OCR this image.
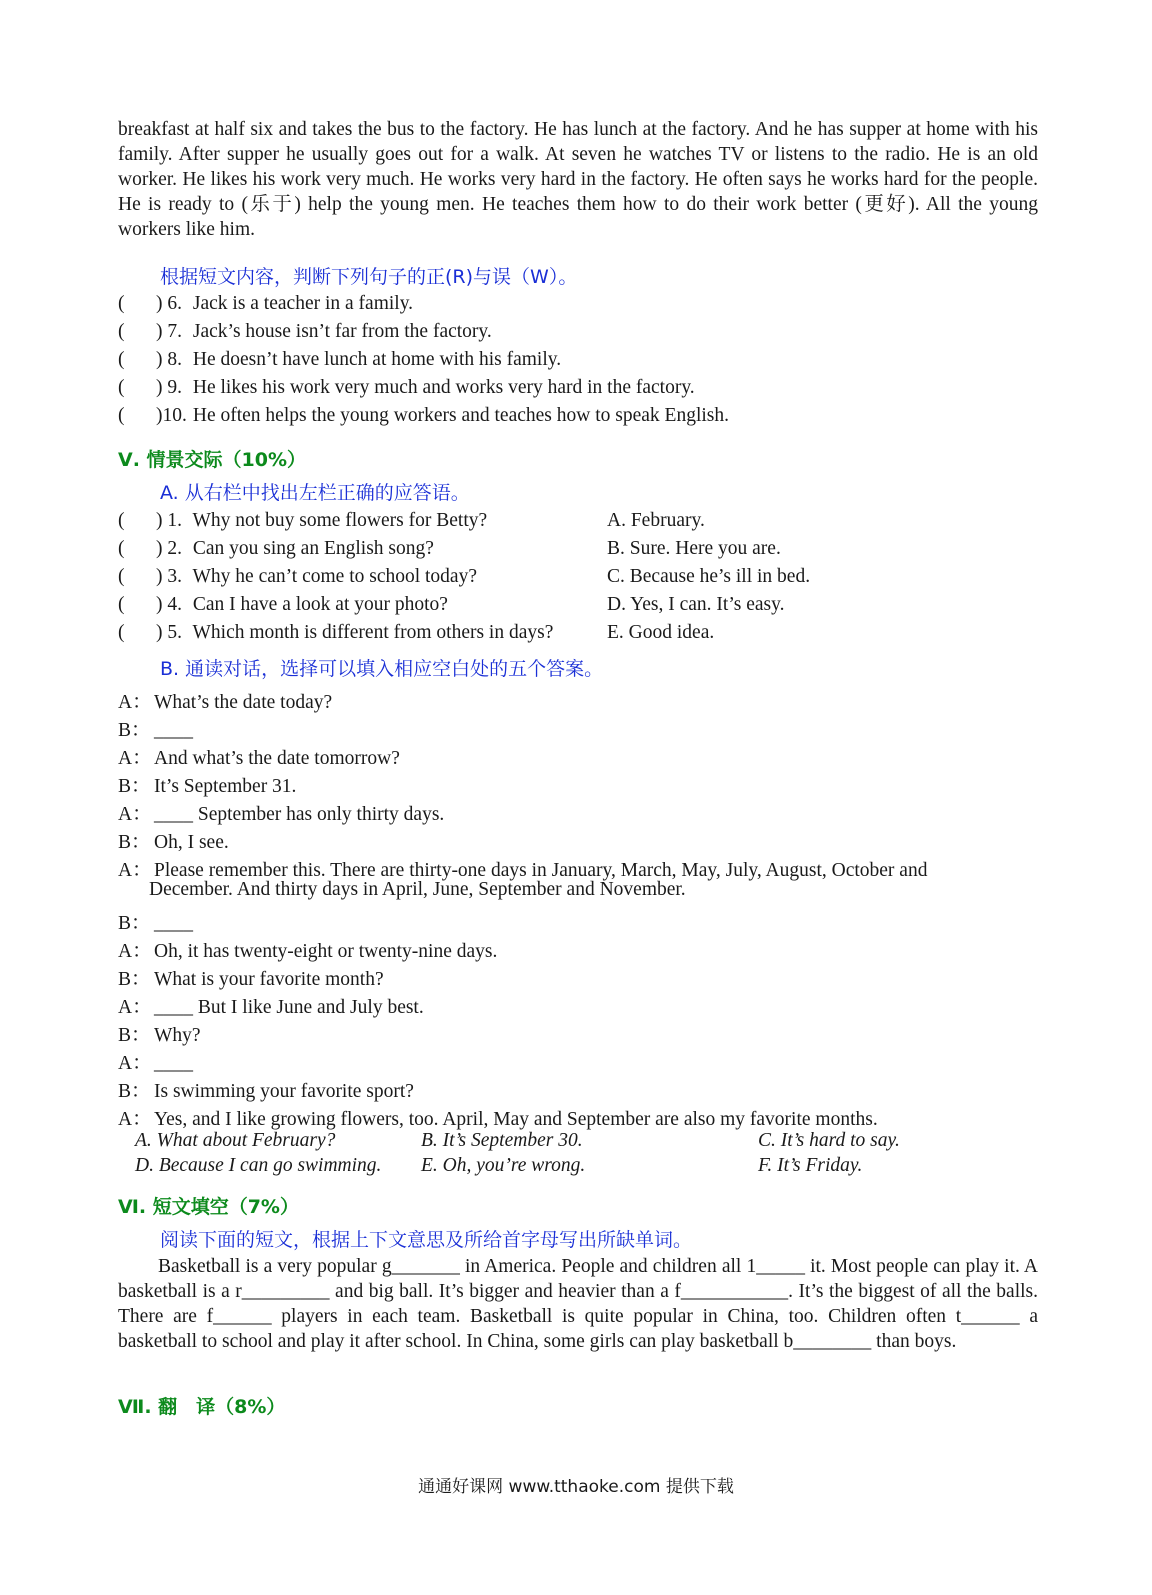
breakfast at half six and takes the bus to the factory. He has lunch at the factory. And he has supper at home with his family. After supper he usually goes out for a walk. At seven he watches TV or listens to the radio. He is an old worker. He likes his work very much. He works very hard in the factory. He often says he works hard for the people. He is ready to (乐于) help the young men. He teaches them how to do their work better (更好). All the young workers like him.
根据短文内容，判断下列句子的正(R)与误（W）。
( ) 6. Jack is a teacher in a family.
( ) 7. Jack’s house isn’t far from the factory.
( ) 8. He doesn’t have lunch at home with his family.
( ) 9. He likes his work very much and works very hard in the factory.
( )10. He often helps the young workers and teaches how to speak English.
Ⅴ. 情景交际（10%）
A. 从右栏中找出左栏正确的应答语。
( ) 1. Why not buy some flowers for Betty?	A. February.
( ) 2. Can you sing an English song?	B. Sure. Here you are.
( ) 3. Why he can’t come to school today?	C. Because he’s ill in bed.
( ) 4. Can I have a look at your photo?	D. Yes, I can. It’s easy.
( ) 5. Which month is different from others in days?	E. Good idea.
B. 通读对话，选择可以填入相应空白处的五个答案。
A： What’s the date today?
B： ____
A： And what’s the date tomorrow?
B： It’s September 31.
A： ____ September has only thirty days.
B： Oh, I see.
A： Please remember this. There are thirty-one days in January, March, May, July, August, October and
December. And thirty days in April, June, September and November.
B： ____
A： Oh, it has twenty-eight or twenty-nine days.
B： What is your favorite month?
A： ____ But I like June and July best.
B： Why?
A： ____
B： Is swimming your favorite sport?
A： Yes, and I like growing flowers, too. April, May and September are also my favorite months.
A. What about February?	B. It’s September 30.	C. It’s hard to say.
D. Because I can go swimming. E. Oh, you’re wrong.	F. It’s Friday.
Ⅵ. 短文填空（7%）
阅读下面的短文，根据上下文意思及所给首字母写出所缺单词。
Basketball is a very popular g_______ in America. People and children all 1_____ it. Most people can play it. A basketball is a r_________ and big ball. It’s bigger and heavier than a f___________. It’s the biggest of all the balls. There are f______ players in each team. Basketball is quite popular in China, too. Children often t______ a basketball to school and play it after school. In China, some girls can play basketball b________ than boys.
Ⅶ. 翻　译（8%）
通通好课网 www.tthaoke.com 提供下载
